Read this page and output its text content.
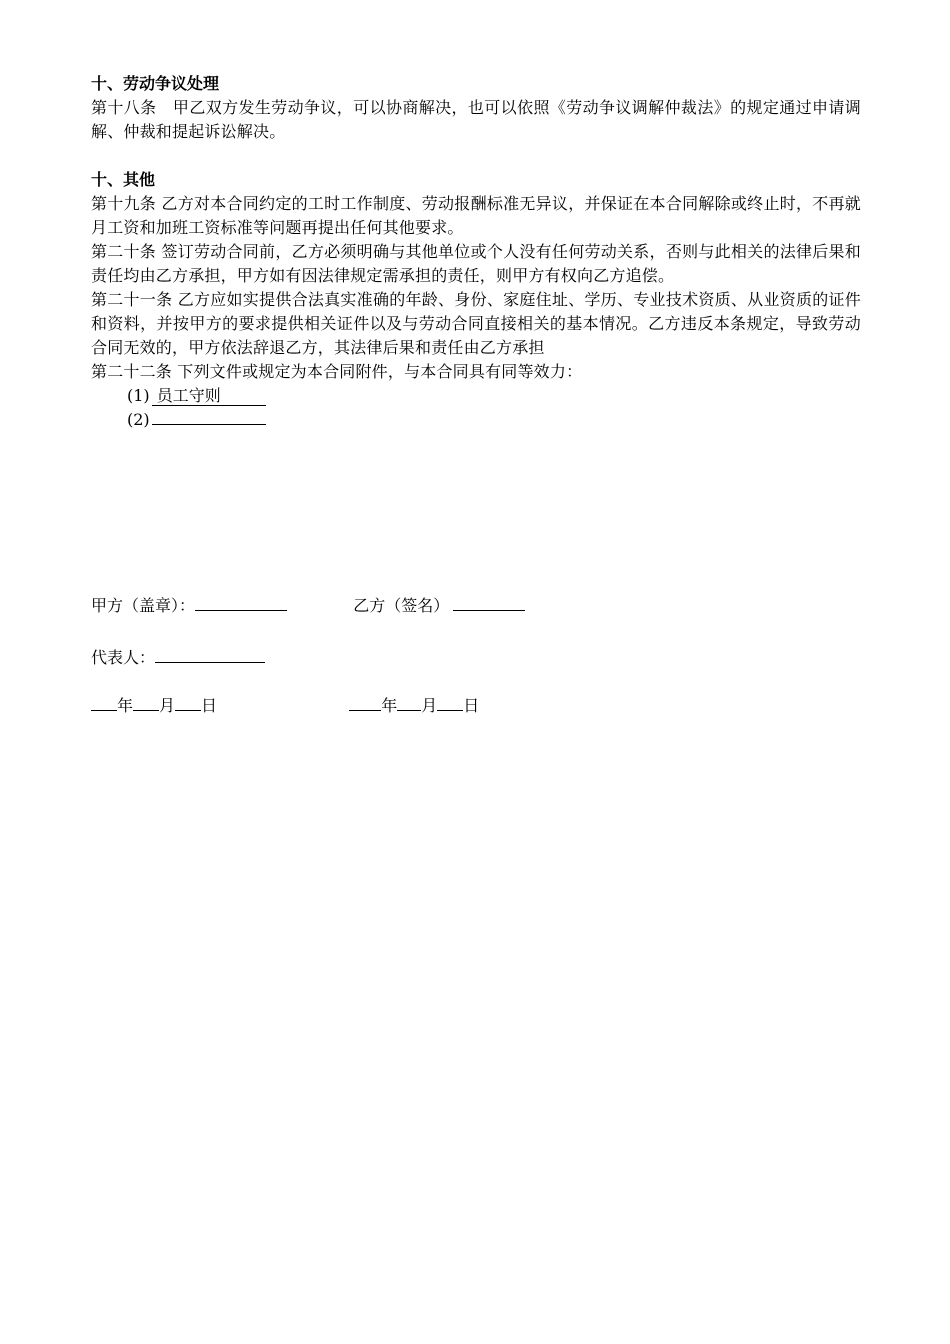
十、劳动争议处理

第十八条　甲乙双方发生劳动争议，可以协商解决，也可以依照《劳动争议调解仲裁法》的规定通过申请调解、仲裁和提起诉讼解决。

十、其他

第十九条 乙方对本合同约定的工时工作制度、劳动报酬标准无异议，并保证在本合同解除或终止时，不再就月工资和加班工资标准等问题再提出任何其他要求。

第二十条 签订劳动合同前，乙方必须明确与其他单位或个人没有任何劳动关系，否则与此相关的法律后果和责任均由乙方承担，甲方如有因法律规定需承担的责任，则甲方有权向乙方追偿。

第二十一条 乙方应如实提供合法真实准确的年龄、身份、家庭住址、学历、专业技术资质、从业资质的证件和资料，并按甲方的要求提供相关证件以及与劳动合同直接相关的基本情况。乙方违反本条规定，导致劳动合同无效的，甲方依法辞退乙方，其法律后果和责任由乙方承担

第二十二条 下列文件或规定为本合同附件，与本合同具有同等效力：

(1) 员工守则
(2)
甲方（盖章）：	乙方（签名）
代表人：
年 月 日	年 月 日
